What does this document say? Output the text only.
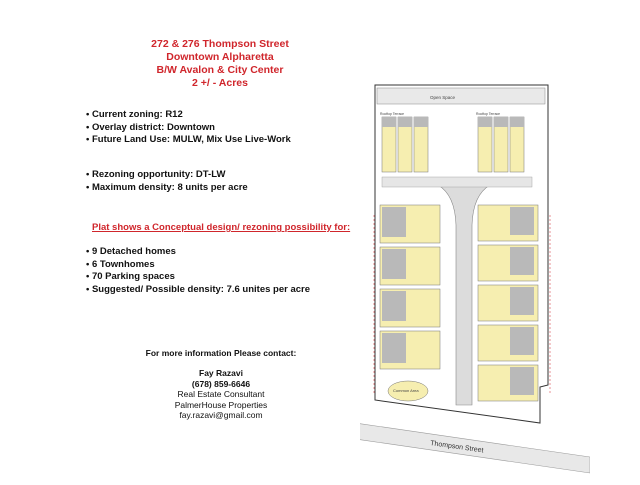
272 & 276 Thompson Street
Downtown Alpharetta
B/W Avalon & City Center
2 +/ - Acres
• Current zoning: R12
• Overlay district: Downtown
• Future Land Use: MULW, Mix Use Live-Work
• Rezoning opportunity: DT-LW
• Maximum density: 8 units per acre
Plat shows a Conceptual design/ rezoning possibility for:
• 9 Detached homes
• 6 Townhomes
• 70 Parking spaces
• Suggested/ Possible density: 7.6 unites per acre
For more information Please contact:
Fay Razavi
(678) 859-6646
Real Estate Consultant
PalmerHouse Properties
fay.razavi@gmail.com
Open Space
Rooftop Terrace	Rooftop Terrace
Common Area
Thompson Street
